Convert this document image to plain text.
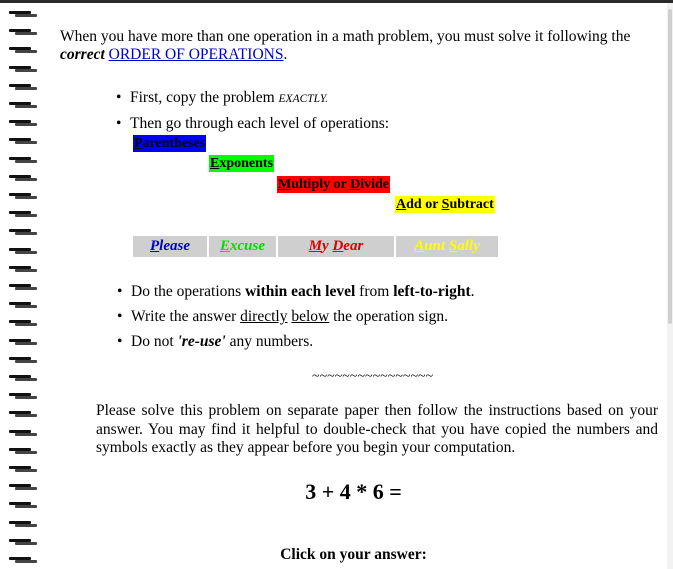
When you have more than one operation in a math problem, you must solve it following the correct ORDER OF OPERATIONS.

• First, copy the problem EXACTLY.
• Then go through each level of operations:
Parentheses
Exponents
Multiply or Divide
Add or Subtract
Please	Excuse	My Dear	Aunt Sally
• Do the operations within each level from left-to-right.
• Write the answer directly below the operation sign.
• Do not 're-use' any numbers.
~~~~~~~~~~~~~~~~

Please solve this problem on separate paper then follow the instructions based on your answer. You may find it helpful to double-check that you have copied the numbers and symbols exactly as they appear before you begin your computation.

3 + 4 * 6 =
Click on your answer:
